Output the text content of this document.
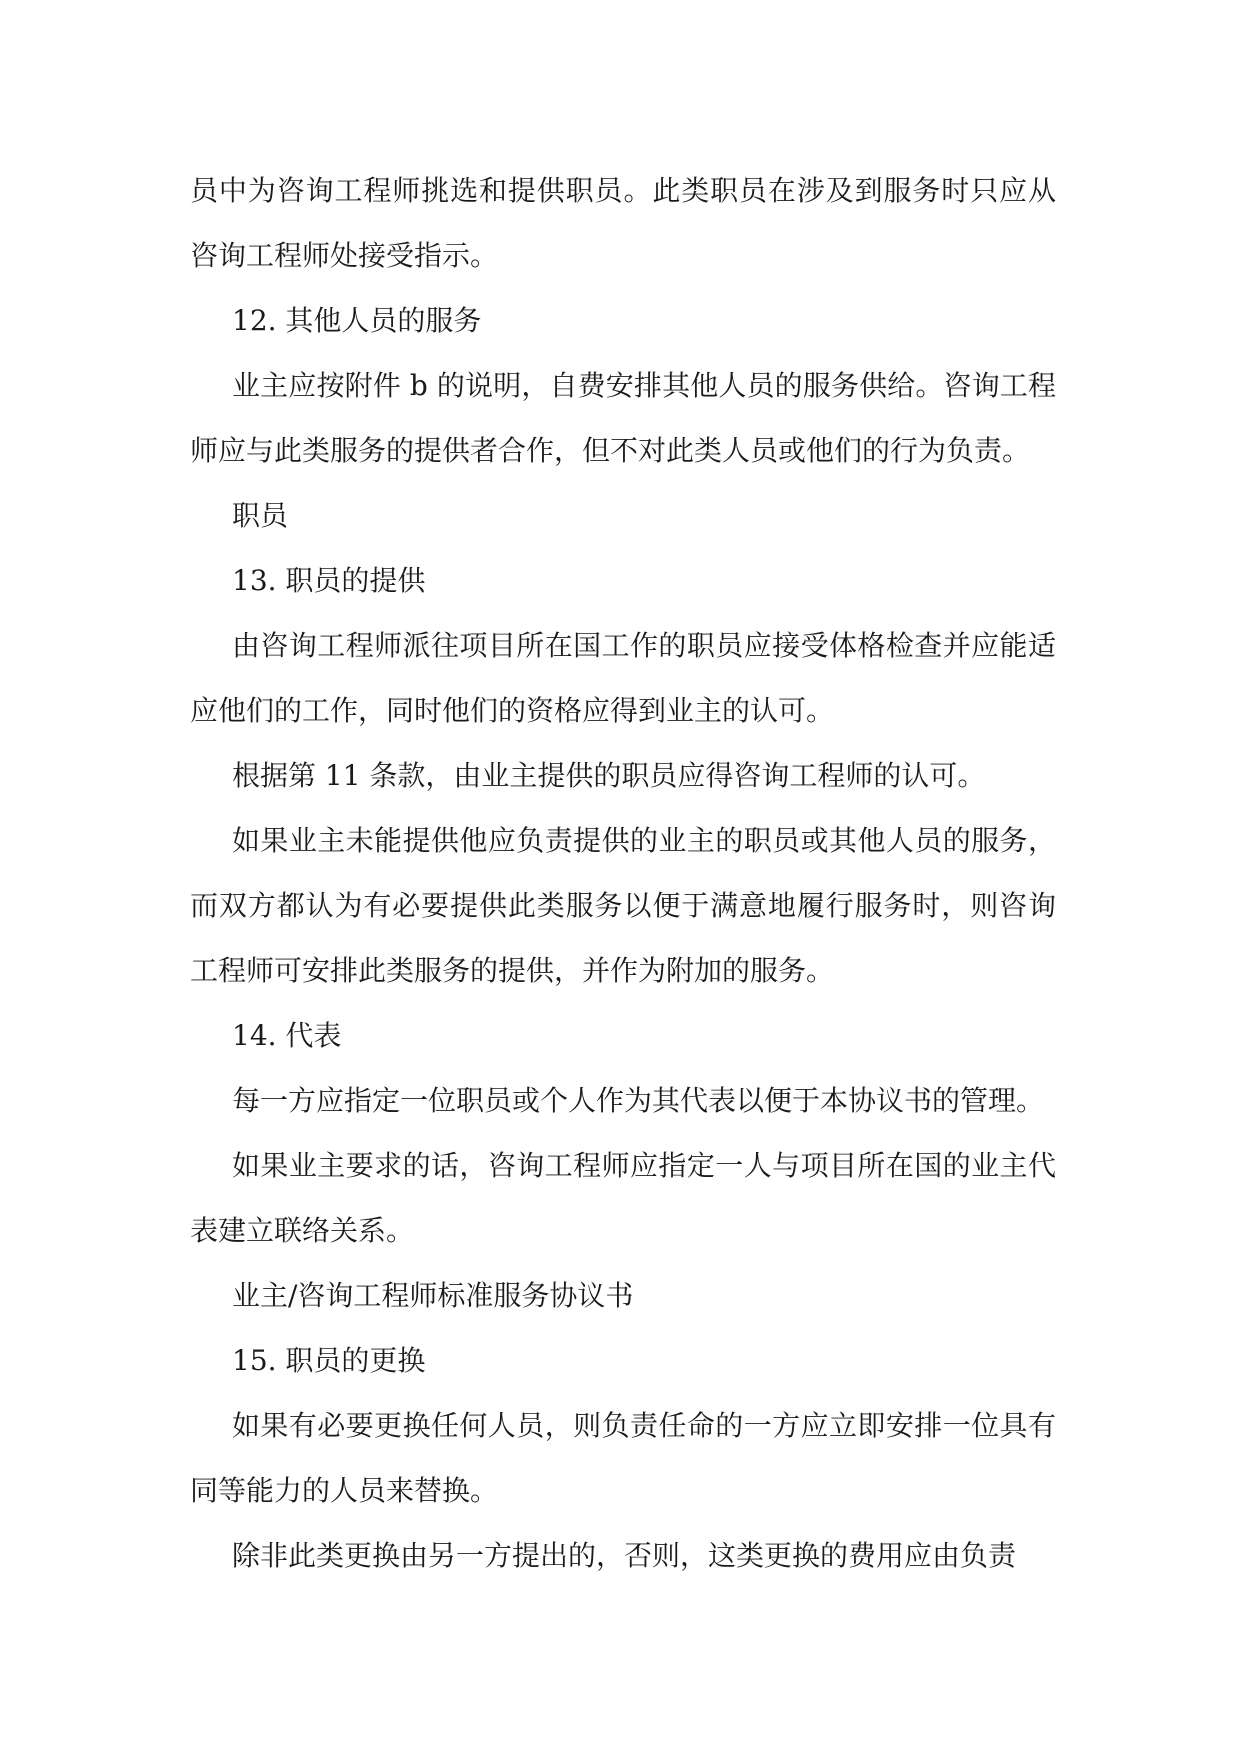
员中为咨询工程师挑选和提供职员。此类职员在涉及到服务时只应从咨询工程师处接受指示。

12. 其他人员的服务

业主应按附件 b 的说明，自费安排其他人员的服务供给。咨询工程师应与此类服务的提供者合作，但不对此类人员或他们的行为负责。

职员

13. 职员的提供

由咨询工程师派往项目所在国工作的职员应接受体格检查并应能适应他们的工作，同时他们的资格应得到业主的认可。

根据第 11 条款，由业主提供的职员应得咨询工程师的认可。

如果业主未能提供他应负责提供的业主的职员或其他人员的服务，而双方都认为有必要提供此类服务以便于满意地履行服务时，则咨询工程师可安排此类服务的提供，并作为附加的服务。

14. 代表

每一方应指定一位职员或个人作为其代表以便于本协议书的管理。

如果业主要求的话，咨询工程师应指定一人与项目所在国的业主代表建立联络关系。

业主/咨询工程师标准服务协议书

15. 职员的更换

如果有必要更换任何人员，则负责任命的一方应立即安排一位具有同等能力的人员来替换。

除非此类更换由另一方提出的，否则，这类更换的费用应由负责
